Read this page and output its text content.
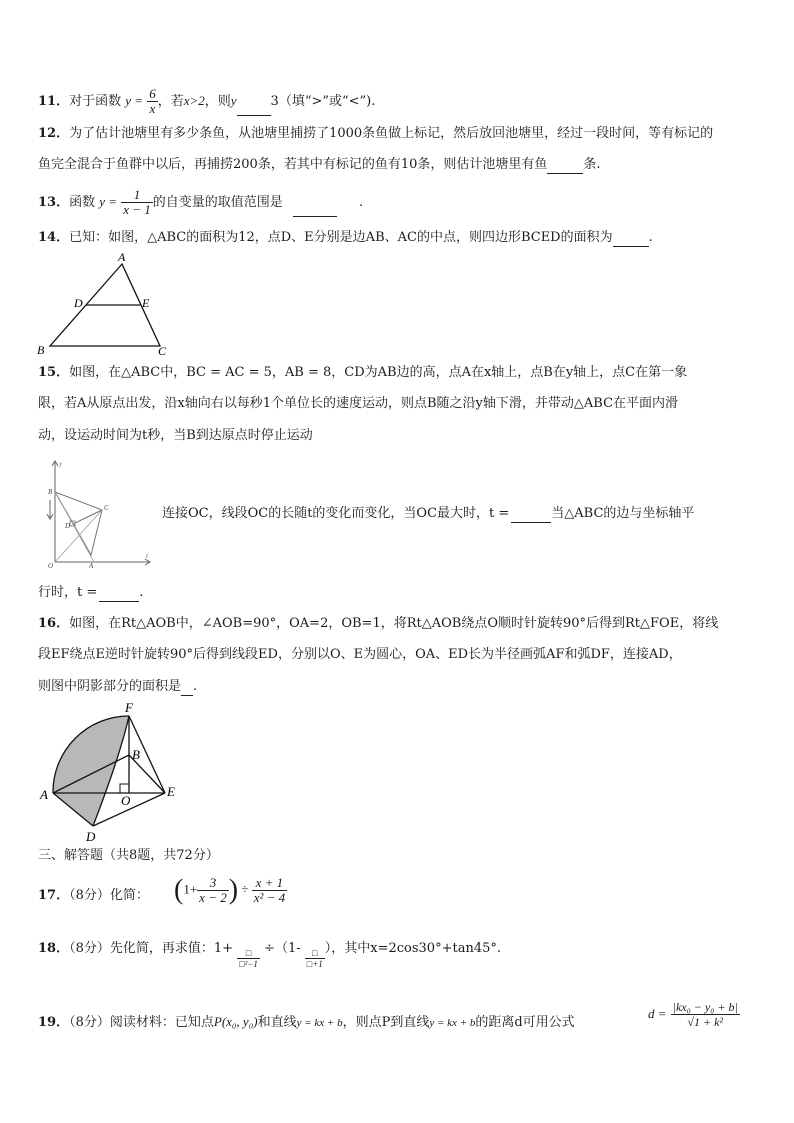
11．对于函数 $y = \frac{6}{x}$ ，若x>2，则y	3（填“>”或“<”).
12．为了估计池塘里有多少条鱼，从池塘里捕捞了1000条鱼做上标记，然后放回池塘里，经过一段时间，等有标记的
鱼完全混合于鱼群中以后，再捕捞200条，若其中有标记的鱼有10条，则估计池塘里有鱼	条.
13．函数 $y = \frac{1}{x - 1}$ 的自变量的取值范围是	.
14．已知：如图，△ABC的面积为12，点D、E分别是边AB、AC的中点，则四边形BCED的面积为	.
A
D	E
B	C
15．如图，在△ABC中，BC = AC = 5，AB = 8，CD为AB边的高，点A在x轴上，点B在y轴上，点C在第一象
限，若A从原点出发，沿x轴向右以每秒1个单位长的速度运动，则点B随之沿y轴下滑，并带动△ABC在平面内滑
动，设运动时间为t秒，当B到达原点时停止运动
y
t
B
C
D
A
O
连接OC，线段OC的长随t的变化而变化，当OC最大时，t =	当△ABC的边与坐标轴平
行时，t =	.
16．如图，在Rt△AOB中，∠AOB=90°，OA=2，OB=1，将Rt△AOB绕点O顺时针旋转90°后得到Rt△FOE，将线
段EF绕点E逆时针旋转90°后得到线段ED，分别以O、E为圆心，OA、ED长为半径画弧AF和弧DF，连接AD，
则图中阴影部分的面积是 .
F
B
A	O
E
D
三、解答题（共8题，共72分）
17．（8分）化简： ($1+ \frac{3}{x - 2}$ ) ÷ $\frac{x + 1}{\text{x² − 4}}$
18．（8分）先化简，再求值：$1+ \frac{□}{\text{□²−1}} \div(1- \frac{□}{□+1}$ ），其中x=2cos30°+tan45°.
19．（8分）阅读材料：已知点P(x₀, y₀)和直线y = kx + b，则点P到直线y = kx + b的距离d可用公式
$d = \frac{\text{|kx₀ − y₀ + b|}}{\text{√1 + k²}}$
